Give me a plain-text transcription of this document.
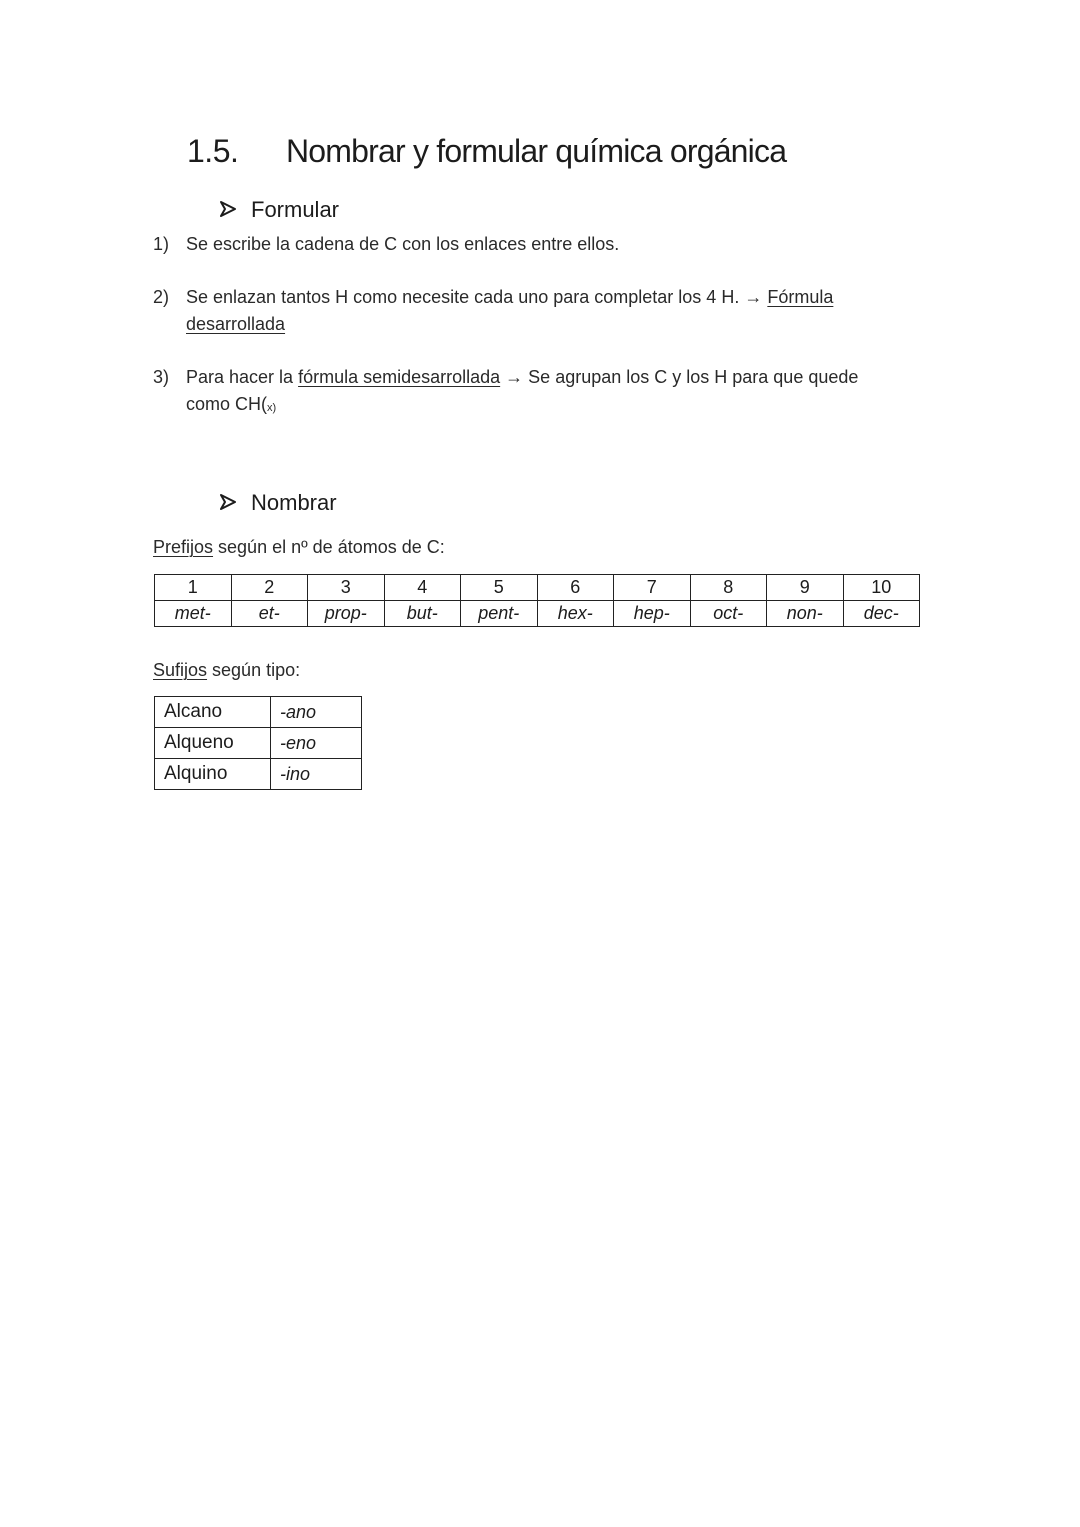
1.5. Nombrar y formular química orgánica
Formular
1) Se escribe la cadena de C con los enlaces entre ellos.
2) Se enlazan tantos H como necesite cada uno para completar los 4 H. → Fórmula
desarrollada
3) Para hacer la fórmula semidesarrollada → Se agrupan los C y los H para que quede
como $CH(_{x)}$
Nombrar
Prefijos según el nº de átomos de C:
1	2	3	4	5	6	7	8	9	10
met-	et-	prop-	but-	pent-	hex-	hep-	oct-	non-	dec-
Sufijos según tipo:
Alcano	-ano
Alqueno	-eno
Alquino	-ino
